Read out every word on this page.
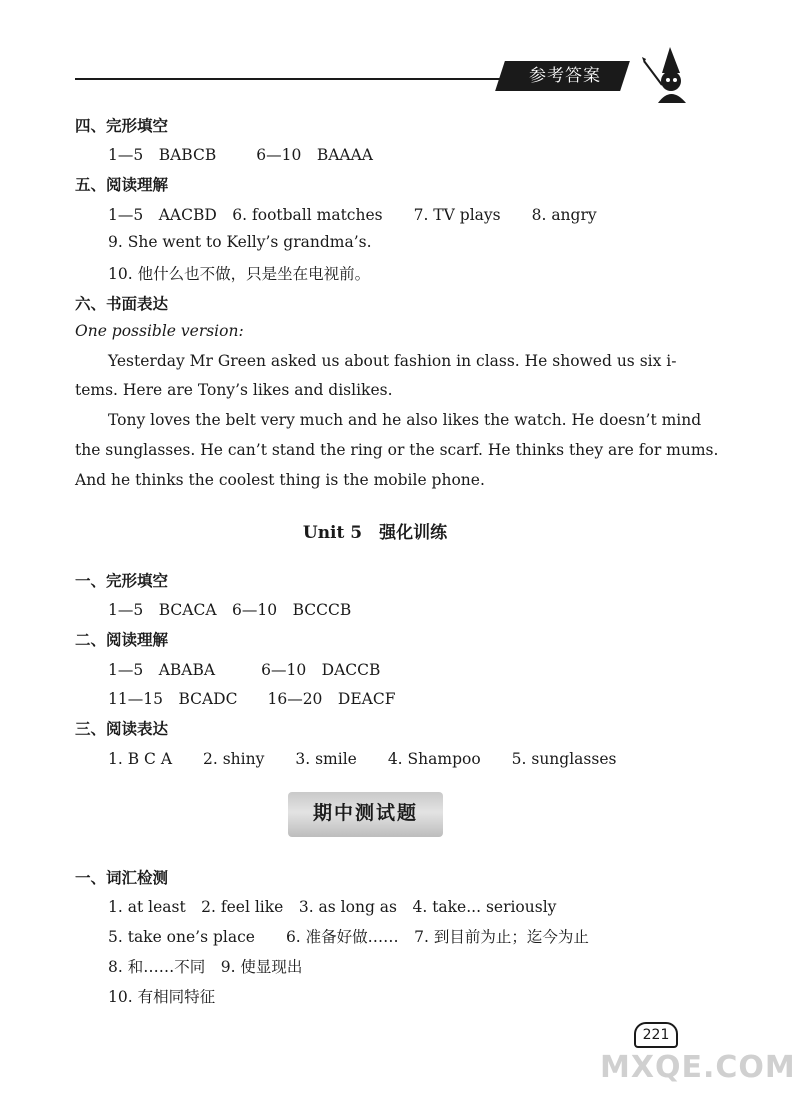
参考答案
四、完形填空
1—5　BABCB	6—10　BAAAA
五、阅读理解
1—5　AACBD　6. football matches　　7. TV plays　　8. angry
9. She went to Kelly’s grandma’s.
10. 他什么也不做，只是坐在电视前。
六、书面表达
One possible version:
Yesterday Mr Green asked us about fashion in class. He showed us six i-
tems. Here are Tony’s likes and dislikes.
Tony loves the belt very much and he also likes the watch. He doesn’t mind
the sunglasses. He can’t stand the ring or the scarf. He thinks they are for mums.
And he thinks the coolest thing is the mobile phone.
Unit 5　强化训练
一、完形填空
1—5　BCACA　6—10　BCCCB
二、阅读理解
1—5　ABABA	6—10　DACCB
11—15　BCADC 16—20　DEACF
三、阅读表达
1. B C A　　2. shiny　　3. smile　　4. Shampoo　　5. sunglasses
期中测试题
一、词汇检测
1. at least　2. feel like　3. as long as　4. take... seriously
5. take one’s place　　6. 准备好做……　7. 到目前为止；迄今为止
8. 和……不同　9. 使显现出
10. 有相同特征
221
MXQE.COM
